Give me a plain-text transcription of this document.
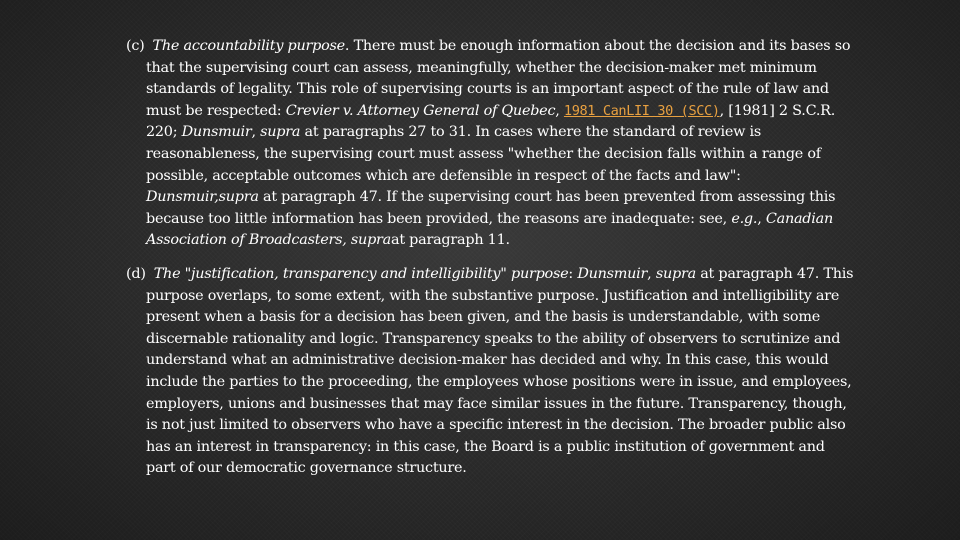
(c) The accountability purpose. There must be enough information about the decision and its bases so that the supervising court can assess, meaningfully, whether the decision-maker met minimum standards of legality. This role of supervising courts is an important aspect of the rule of law and must be respected: Crevier v. Attorney General of Quebec, 1981 CanLII 30 (SCC), [1981] 2 S.C.R. 220; Dunsmuir, supra at paragraphs 27 to 31. In cases where the standard of review is reasonableness, the supervising court must assess "whether the decision falls within a range of possible, acceptable outcomes which are defensible in respect of the facts and law": Dunsmuir,supra at paragraph 47. If the supervising court has been prevented from assessing this because too little information has been provided, the reasons are inadequate: see, e.g., Canadian Association of Broadcasters, supraat paragraph 11.

(d) The "justification, transparency and intelligibility" purpose: Dunsmuir, supra at paragraph 47. This purpose overlaps, to some extent, with the substantive purpose. Justification and intelligibility are present when a basis for a decision has been given, and the basis is understandable, with some discernable rationality and logic. Transparency speaks to the ability of observers to scrutinize and understand what an administrative decision-maker has decided and why. In this case, this would include the parties to the proceeding, the employees whose positions were in issue, and employees, employers, unions and businesses that may face similar issues in the future. Transparency, though, is not just limited to observers who have a specific interest in the decision. The broader public also has an interest in transparency: in this case, the Board is a public institution of government and part of our democratic governance structure.
